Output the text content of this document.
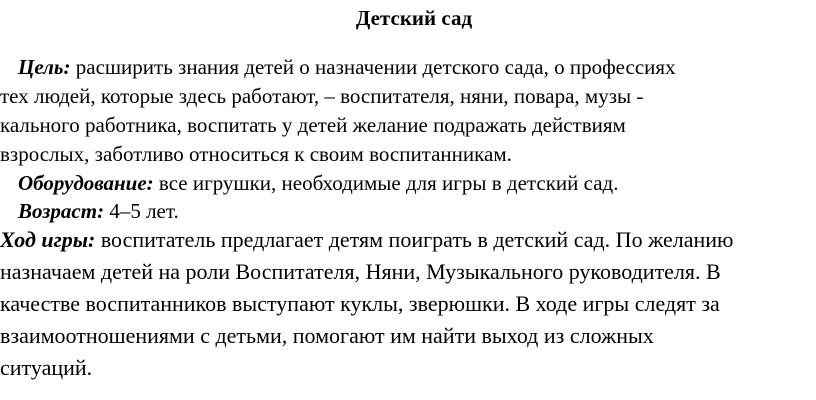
Детский сад
Цель: расширить знания детей о назначении детского сада, о профессиях
тех людей, которые здесь работают, – воспитателя, няни, повара, музы -
кального работника, воспитать у детей желание подражать действиям
взрослых, заботливо относиться к своим воспитанникам.
Оборудование: все игрушки, необходимые для игры в детский сад.
Возраст: 4–5 лет.
Ход игры: воспитатель предлагает детям поиграть в детский сад. По желанию
назначаем детей на роли Воспитателя, Няни, Музыкального руководителя. В
качестве воспитанников выступают куклы, зверюшки. В ходе игры следят за
взаимоотношениями с детьми, помогают им найти выход из сложных
ситуаций.
